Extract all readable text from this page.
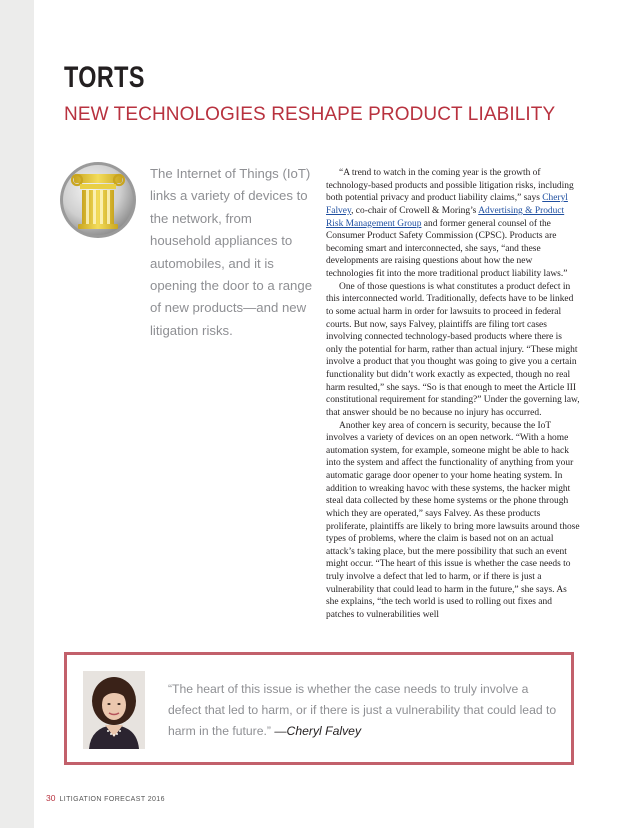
TORTS
NEW TECHNOLOGIES RESHAPE PRODUCT LIABILITY

The Internet of Things (IoT) links a variety of devices to the network, from household appliances to automobiles, and it is opening the door to a range of new products—and new litigation risks.

“A trend to watch in the coming year is the growth of technology-based products and possible litigation risks, including both potential privacy and product liability claims,” says Cheryl Falvey, co-chair of Crowell & Moring’s Advertising & Product Risk Management Group and former general counsel of the Consumer Product Safety Commission (CPSC). Products are becoming smart and interconnected, she says, “and these developments are raising questions about how the new technologies fit into the more traditional product liability laws.”

One of those questions is what constitutes a product defect in this interconnected world. Traditionally, defects have to be linked to some actual harm in order for lawsuits to proceed in federal courts. But now, says Falvey, plaintiffs are filing tort cases involving connected technology-based products where there is only the potential for harm, rather than actual injury. “These might involve a product that you thought was going to give you a certain functionality but didn’t work exactly as expected, though no real harm resulted,” she says. “So is that enough to meet the Article III constitutional requirement for standing?” Under the governing law, that answer should be no because no injury has occurred.

Another key area of concern is security, because the IoT involves a variety of devices on an open network. “With a home automation system, for example, someone might be able to hack into the system and affect the functionality of anything from your automatic garage door opener to your home heating system. In addition to wreaking havoc with these systems, the hacker might steal data collected by these home systems or the phone through which they are operated,” says Falvey. As these products proliferate, plaintiffs are likely to bring more lawsuits around those types of problems, where the claim is based not on an actual attack’s taking place, but the mere possibility that such an event might occur. “The heart of this issue is whether the case needs to truly involve a defect that led to harm, or if there is just a vulnerability that could lead to harm in the future,” she says. As she explains, “the tech world is used to rolling out fixes and patches to vulnerabilities well

“The heart of this issue is whether the case needs to truly involve a defect that led to harm, or if there is just a vulnerability that could lead to harm in the future.” —Cheryl Falvey

30 LITIGATION FORECAST 2016
